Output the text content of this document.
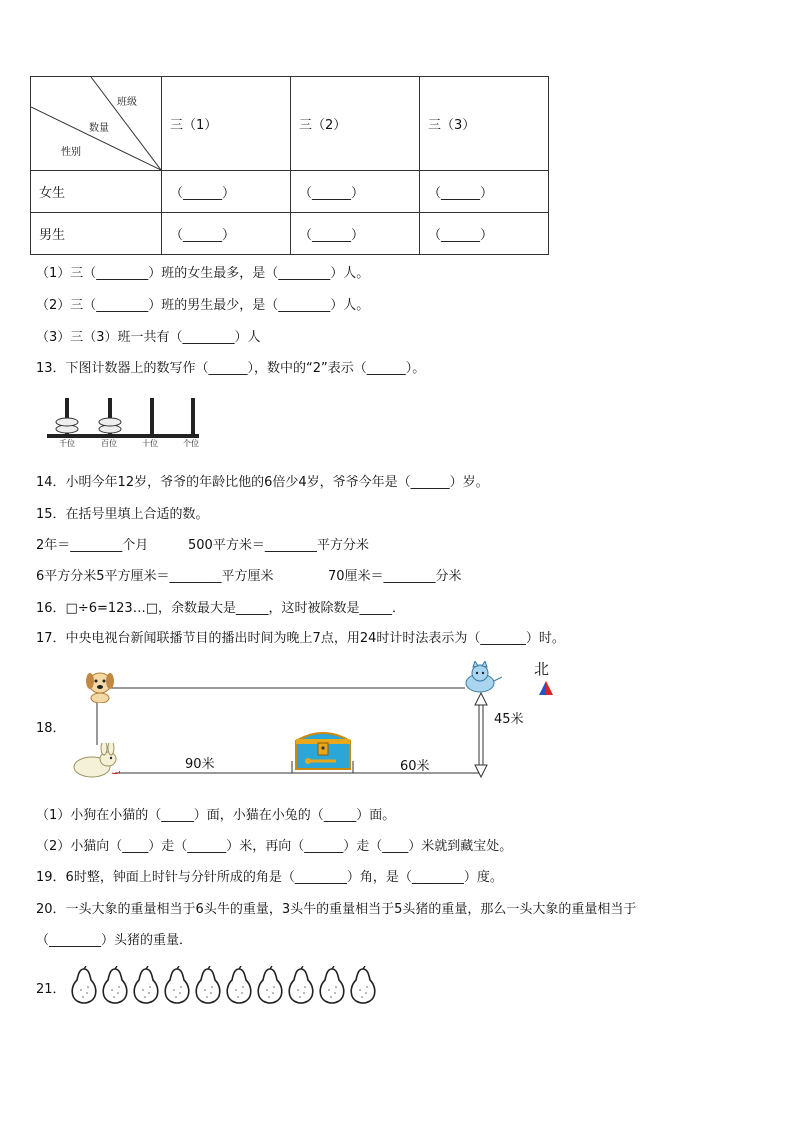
班级
数量
性别	三（1）	三（2）	三（3）
女生	（______）	（______）	（______）
男生	（______）	（______）	（______）
（1）三（________）班的女生最多，是（________）人。
（2）三（________）班的男生最少，是（________）人。
（3）三（3）班一共有（________）人
13．下图计数器上的数写作（______），数中的“2”表示（______）。
千位	百位	十位	个位
14．小明今年12岁，爷爷的年龄比他的6倍少4岁，爷爷今年是（______）岁。
15．在括号里填上合适的数。
2年＝________个月	500平方米＝________平方分米
6平方分米5平方厘米＝________平方厘米	70厘米＝________分米
16．□÷6=123…□，余数最大是_____，这时被除数是_____．
17．中央电视台新闻联播节目的播出时间为晚上7点，用24时计时法表示为（_______）时。
18．
90米	60米
45米
北
（1）小狗在小猫的（_____）面，小猫在小兔的（_____）面。
（2）小猫向（____）走（______）米，再向（______）走（____）米就到藏宝处。
19．6时整，钟面上时针与分针所成的角是（________）角，是（________）度。
20．一头大象的重量相当于6头牛的重量，3头牛的重量相当于5头猪的重量，那么一头大象的重量相当于
（________）头猪的重量．
21．
